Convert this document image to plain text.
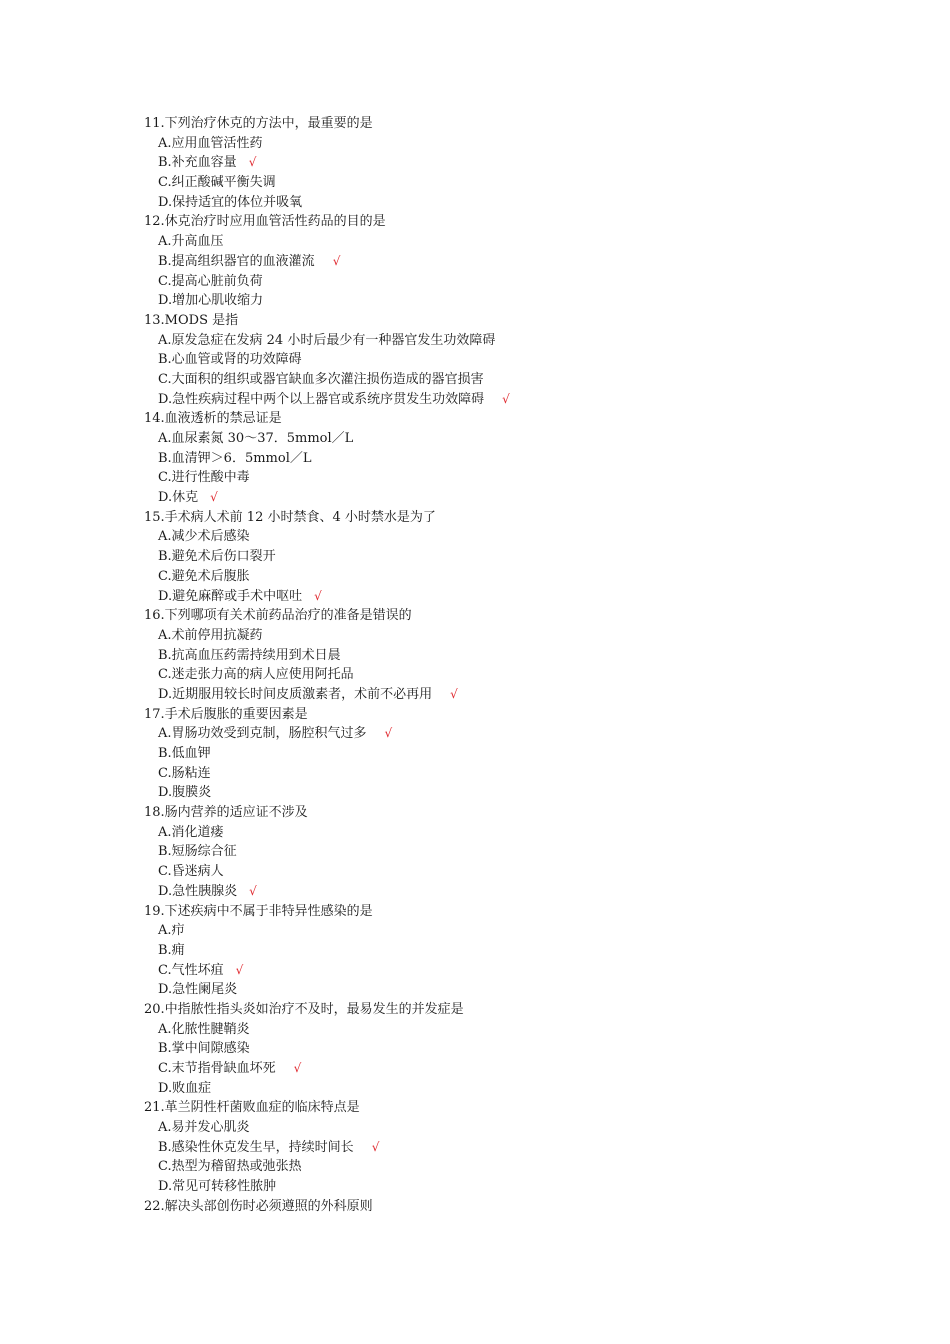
11.下列治疗休克的方法中，最重要的是
A.应用血管活性药
B.补充血容量 √
C.纠正酸碱平衡失调
D.保持适宜的体位并吸氧
12.休克治疗时应用血管活性药品的目的是
A.升高血压
B.提高组织器官的血液灌流 √
C.提高心脏前负荷
D.增加心肌收缩力
13.MODS 是指
A.原发急症在发病 24 小时后最少有一种器官发生功效障碍
B.心血管或肾的功效障碍
C.大面积的组织或器官缺血多次灌注损伤造成的器官损害
D.急性疾病过程中两个以上器官或系统序贯发生功效障碍 √
14.血液透析的禁忌证是
A.血尿素氮 30～37．5mmol／L
B.血清钾＞6．5mmol／L
C.进行性酸中毒
D.休克 √
15.手术病人术前 12 小时禁食、4 小时禁水是为了
A.减少术后感染
B.避免术后伤口裂开
C.避免术后腹胀
D.避免麻醉或手术中呕吐 √
16.下列哪项有关术前药品治疗的准备是错误的
A.术前停用抗凝药
B.抗高血压药需持续用到术日晨
C.迷走张力高的病人应使用阿托品
D.近期服用较长时间皮质激素者，术前不必再用 √
17.手术后腹胀的重要因素是
A.胃肠功效受到克制，肠腔积气过多 √
B.低血钾
C.肠粘连
D.腹膜炎
18.肠内营养的适应证不涉及
A.消化道瘘
B.短肠综合征
C.昏迷病人
D.急性胰腺炎 √
19.下述疾病中不属于非特异性感染的是
A.疖
B.痈
C.气性坏疽 √
D.急性阑尾炎
20.中指脓性指头炎如治疗不及时，最易发生的并发症是
A.化脓性腱鞘炎
B.掌中间隙感染
C.末节指骨缺血坏死 √
D.败血症
21.革兰阴性杆菌败血症的临床特点是
A.易并发心肌炎
B.感染性休克发生早，持续时间长 √
C.热型为稽留热或弛张热
D.常见可转移性脓肿
22.解决头部创伤时必须遵照的外科原则
